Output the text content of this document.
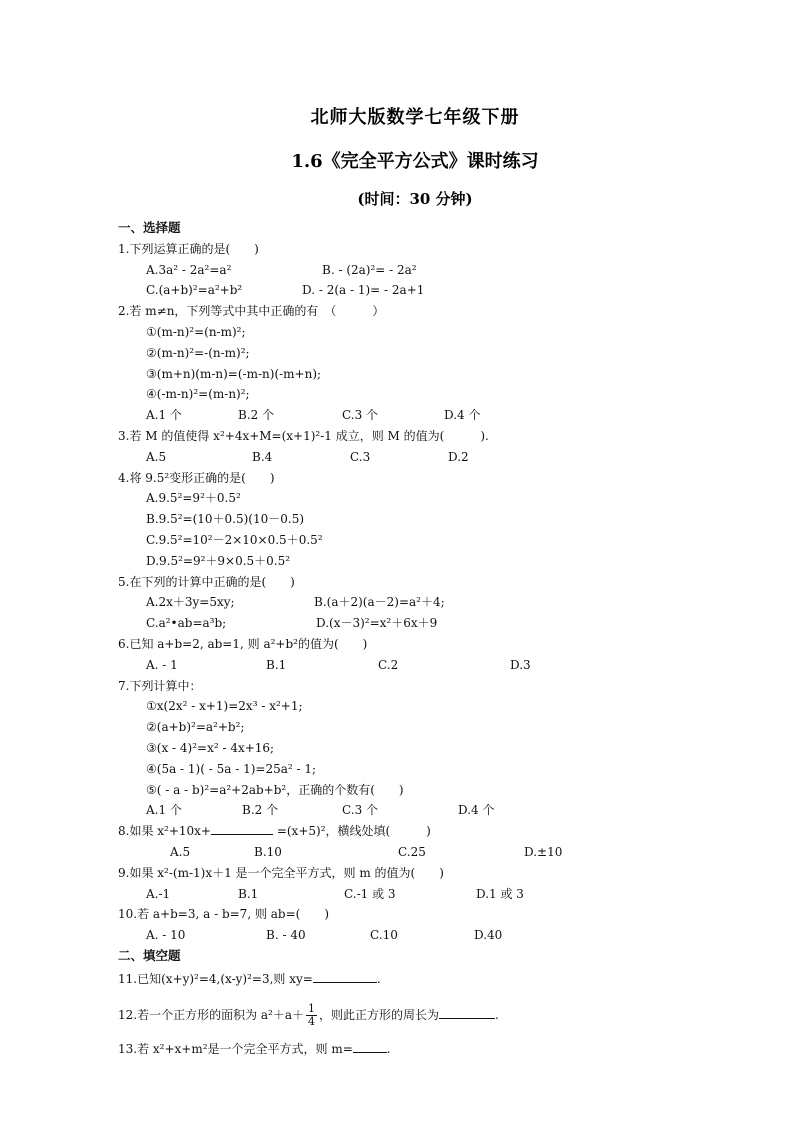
北师大版数学七年级下册
1.6《完全平方公式》课时练习
(时间：30 分钟)
一、选择题
1.下列运算正确的是(　　)
A.3a² - 2a²=a²	B. - (2a)²= - 2a²
C.(a+b)²=a²+b²	D. - 2(a - 1)= - 2a+1
2.若 m≠n，下列等式中其中正确的有　（　　　）
①(m-n)²=(n-m)²;
②(m-n)²=-(n-m)²;
③(m+n)(m-n)=(-m-n)(-m+n);
④(-m-n)²=(m-n)²;
A.1 个	B.2 个	C.3 个	D.4 个
3.若 M 的值使得 x²+4x+M=(x+1)²-1 成立，则 M 的值为(　　　).
A.5	B.4	C.3	D.2
4.将 9.5²变形正确的是(　　)
A.9.5²=9²＋0.5²
B.9.5²=(10＋0.5)(10－0.5)
C.9.5²=10²－2×10×0.5＋0.5²
D.9.5²=9²＋9×0.5＋0.5²
5.在下列的计算中正确的是(　　)
A.2x＋3y=5xy;	B.(a＋2)(a－2)=a²＋4;
C.a²•ab=a³b;	D.(x－3)²=x²＋6x＋9
6.已知 a+b=2, ab=1, 则 a²+b²的值为(　　)
A. - 1	B.1	C.2	D.3
7.下列计算中：
①x(2x² - x+1)=2x³ - x²+1;
②(a+b)²=a²+b²;
③(x - 4)²=x² - 4x+16;
④(5a - 1)( - 5a - 1)=25a² - 1;
⑤( - a - b)²=a²+2ab+b²，正确的个数有(　　)
A.1 个	B.2 个	C.3 个	D.4 个
8.如果 x²+10x+	=(x+5)²，横线处填(　　　)
A.5	B.10	C.25	D.±10
9.如果 x²-(m-1)x＋1 是一个完全平方式，则 m 的值为(　　)
A.-1	B.1	C.-1 或 3	D.1 或 3
10.若 a+b=3, a - b=7, 则 ab=(　　)
A. - 10	B. - 40	C.10	D.40
二、填空题
11.已知(x+y)²=4,(x-y)²=3,则 xy=	.
12.若一个正方形的面积为 $a^2+a+ \frac{1}{4}$ ，则此正方形的周长为	.
13.若 x²+x+m²是一个完全平方式，则 m=	.
